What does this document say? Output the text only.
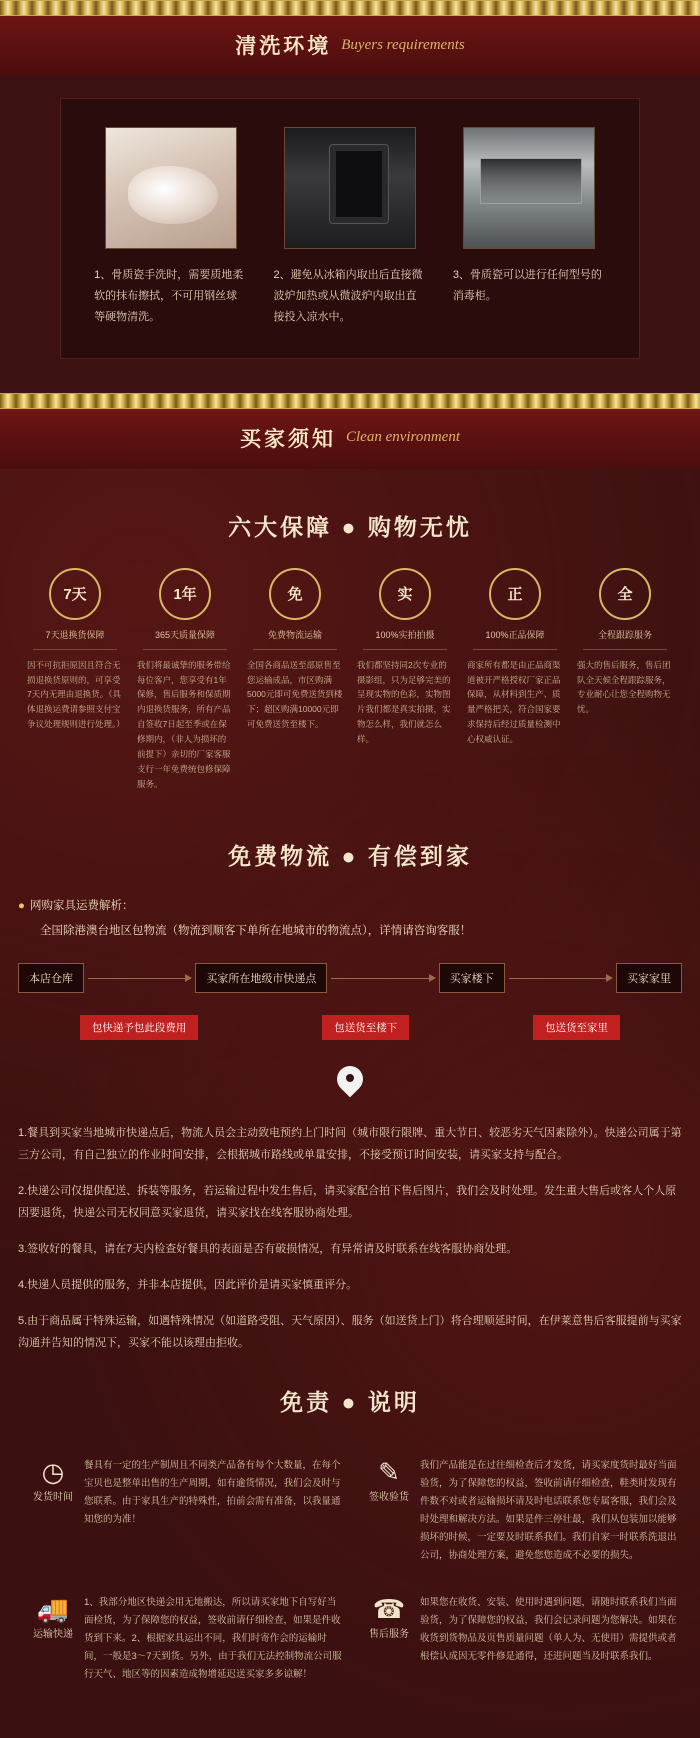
清洗环境 Buyers requirements
1、骨质瓷手洗时，需要质地柔软的抹布擦拭，不可用钢丝球等硬物清洗。
2、避免从冰箱内取出后直接微波炉加热或从微波炉内取出直接投入凉水中。
3、骨质瓷可以进行任何型号的消毒柜。
买家须知 Clean environment
六大保障 ● 购物无忧
7天
7天退换货保障
因不可抗拒原因且符合无损退换货原则的，可享受7天内无理由退换货。（具体退换运费请参照支付宝争议处理规则进行处理。）
1年
365天质量保障
我们将最诚挚的服务带给每位客户，您享受有1年保修，售后服务和保质期内退换货服务，所有产品自签收7日起至季或在保修期内，（非人为损坏的前提下）亲切的厂家客服支行一年免费统包修保障服务。
免
免费物流运输
全国各商品送至部原售至您运输成品，市区购满5000元即可免费送货到楼下；超区购满10000元即可免费送货至楼下。
实
100%实拍拍摄
我们都坚持同2次专业的摄影组，只为足够完美的呈现实物的色彩，实物图片我们都是真实拍摄，实物怎么样，我们就怎么样。
正
100%正品保障
商家所有都是由正品商渠道被开严格授权厂家正品保障，从材料到生产、质量严格把关，符合国家要求保持后经过质量检测中心权威认证。
全
全程跟踪服务
强大的售后服务，售后团队全天候全程跟踪服务，专业耐心让您全程购物无忧。
免费物流 ● 有偿到家
● 网购家具运费解析：
全国除港澳台地区包物流（物流到顺客下单所在地城市的物流点），详情请咨询客服！
本店仓库	买家所在地级市快递点	买家楼下	买家家里
包快递予包此段费用	包送货至楼下	包送货至家里

1.餐具到买家当地城市快递点后，物流人员会主动致电预约上门时间（城市限行限牌、重大节日、较恶劣天气因素除外）。快递公司属于第三方公司，有自己独立的作业时间安排，会根据城市路线或单量安排，不接受预订时间安装，请买家支持与配合。

2.快递公司仅提供配送、拆装等服务，若运输过程中发生售后，请买家配合拍下售后图片，我们会及时处理。发生重大售后或客人个人原因要退货，快递公司无权同意买家退货，请买家找在线客服协商处理。

3.签收好的餐具，请在7天内检查好餐具的表面是否有破损情况，有异常请及时联系在线客服协商处理。

4.快递人员提供的服务，并非本店提供，因此评价是请买家慎重评分。

5.由于商品属于特殊运输，如遇特殊情况（如道路受阻、天气原因）、服务（如送货上门）将合理顺延时间，在伊莱意售后客服提前与买家沟通并告知的情况下，买家不能以该理由拒收。

免责 ● 说明
◷
发货时间
餐具有一定的生产制周且不同类产品备有每个大数量，在每个宝贝也是整单出售的生产周期，如有逾货情况，我们会及时与您联系。由于家具生产的特殊性，拍前会需有准备，以我量通知您的为准！
✎
签收验货
我们产品能是在过往细检查后才发货，请买家度货时最好当面验货，为了保障您的权益，签收前请仔细检查，鞋类时发现有件数不对或者运输损坏请及时电话联系您专属客服，我们会及时处理和解决方法。如果是件三停壮最，我们从包装加以能够损坏的时候，一定要及时联系我们。我们自家一时联系洗退出公司，协商处理方案，避免您您造成不必要的损失。
🚚
运输快递
1、我部分地区快递会用无地搬达，所以请买家地下自写好当面检货，为了保障您的权益，签收前请仔细检查，如果是件收货到下来。2、根据家具运出不同，我们时寄作会的运输时间，一般是3～7天到货。另外，由于我们无法控制物流公司服行天气、地区等的因素造成物增延迟送买家多多谅解！
☎
售后服务
如果您在收货、安装、使用时遇到问题，请随时联系我们当面验货，为了保障您的权益，我们会记录问题为您解决。如果在收货到货物品及页售质量问题（单人为、无使用）需提供或者根偿认成因无零件修是通得，还进问题当及时联系我们。
